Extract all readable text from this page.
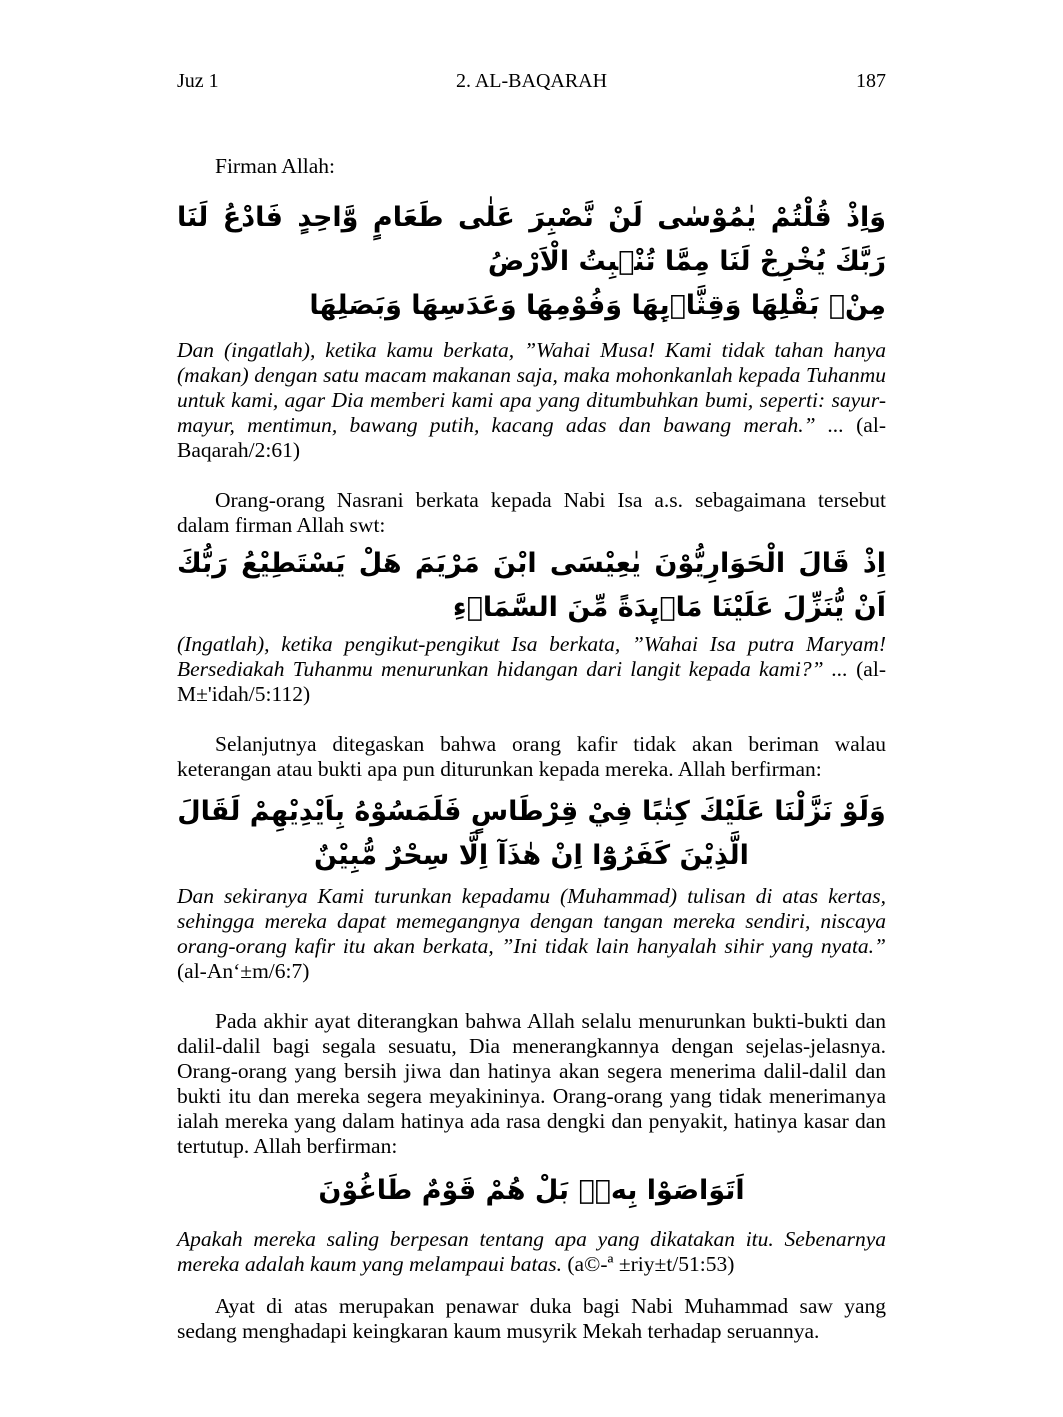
Juz 1	2. AL-BAQARAH	187

Firman Allah:

وَاِذْ قُلْتُمْ يٰمُوْسٰى لَنْ نَّصْبِرَ عَلٰى طَعَامٍ وَّاحِدٍ فَادْعُ لَنَا رَبَّكَ يُخْرِجْ لَنَا مِمَّا تُنْۢبِتُ الْاَرْضُ

مِنْۢ بَقْلِهَا وَقِثَّاۤىِٕهَا وَفُوْمِهَا وَعَدَسِهَا وَبَصَلِهَا

Dan (ingatlah), ketika kamu berkata, ”Wahai Musa! Kami tidak tahan hanya (makan) dengan satu macam makanan saja, maka mohonkanlah kepada Tuhanmu untuk kami, agar Dia memberi kami apa yang ditumbuhkan bumi, seperti: sayur-mayur, mentimun, bawang putih, kacang adas dan bawang merah.” ... (al-Baqarah/2:61)

Orang-orang Nasrani berkata kepada Nabi Isa a.s. sebagaimana tersebut dalam firman Allah swt:

اِذْ قَالَ الْحَوَارِيُّوْنَ يٰعِيْسَى ابْنَ مَرْيَمَ هَلْ يَسْتَطِيْعُ رَبُّكَ اَنْ يُّنَزِّلَ عَلَيْنَا مَاۤىِٕدَةً مِّنَ السَّمَاۤءِ

(Ingatlah), ketika pengikut-pengikut Isa berkata, ”Wahai Isa putra Maryam! Bersediakah Tuhanmu menurunkan hidangan dari langit kepada kami?” ... (al-M±'idah/5:112)

Selanjutnya ditegaskan bahwa orang kafir tidak akan beriman walau keterangan atau bukti apa pun diturunkan kepada mereka. Allah berfirman:

وَلَوْ نَزَّلْنَا عَلَيْكَ كِتٰبًا فِيْ قِرْطَاسٍ فَلَمَسُوْهُ بِاَيْدِيْهِمْ لَقَالَ الَّذِيْنَ كَفَرُوْٓا اِنْ هٰذَآ اِلَّا سِحْرٌ مُّبِيْنٌ

Dan sekiranya Kami turunkan kepadamu (Muhammad) tulisan di atas kertas, sehingga mereka dapat memegangnya dengan tangan mereka sendiri, niscaya orang-orang kafir itu akan berkata, ”Ini tidak lain hanyalah sihir yang nyata.” (al-An‘±m/6:7)

Pada akhir ayat diterangkan bahwa Allah selalu menurunkan bukti-bukti dan dalil-dalil bagi segala sesuatu, Dia menerangkannya dengan sejelas-jelasnya. Orang-orang yang bersih jiwa dan hatinya akan segera menerima dalil-dalil dan bukti itu dan mereka segera meyakininya. Orang-orang yang tidak menerimanya ialah mereka yang dalam hatinya ada rasa dengki dan penyakit, hatinya kasar dan tertutup. Allah berfirman:

اَتَوَاصَوْا بِهٖۚ بَلْ هُمْ قَوْمٌ طَاغُوْنَ

Apakah mereka saling berpesan tentang apa yang dikatakan itu. Sebenarnya mereka adalah kaum yang melampaui batas. (a©-ª ±riy±t/51:53)

Ayat di atas merupakan penawar duka bagi Nabi Muhammad saw yang sedang menghadapi keingkaran kaum musyrik Mekah terhadap seruannya.
